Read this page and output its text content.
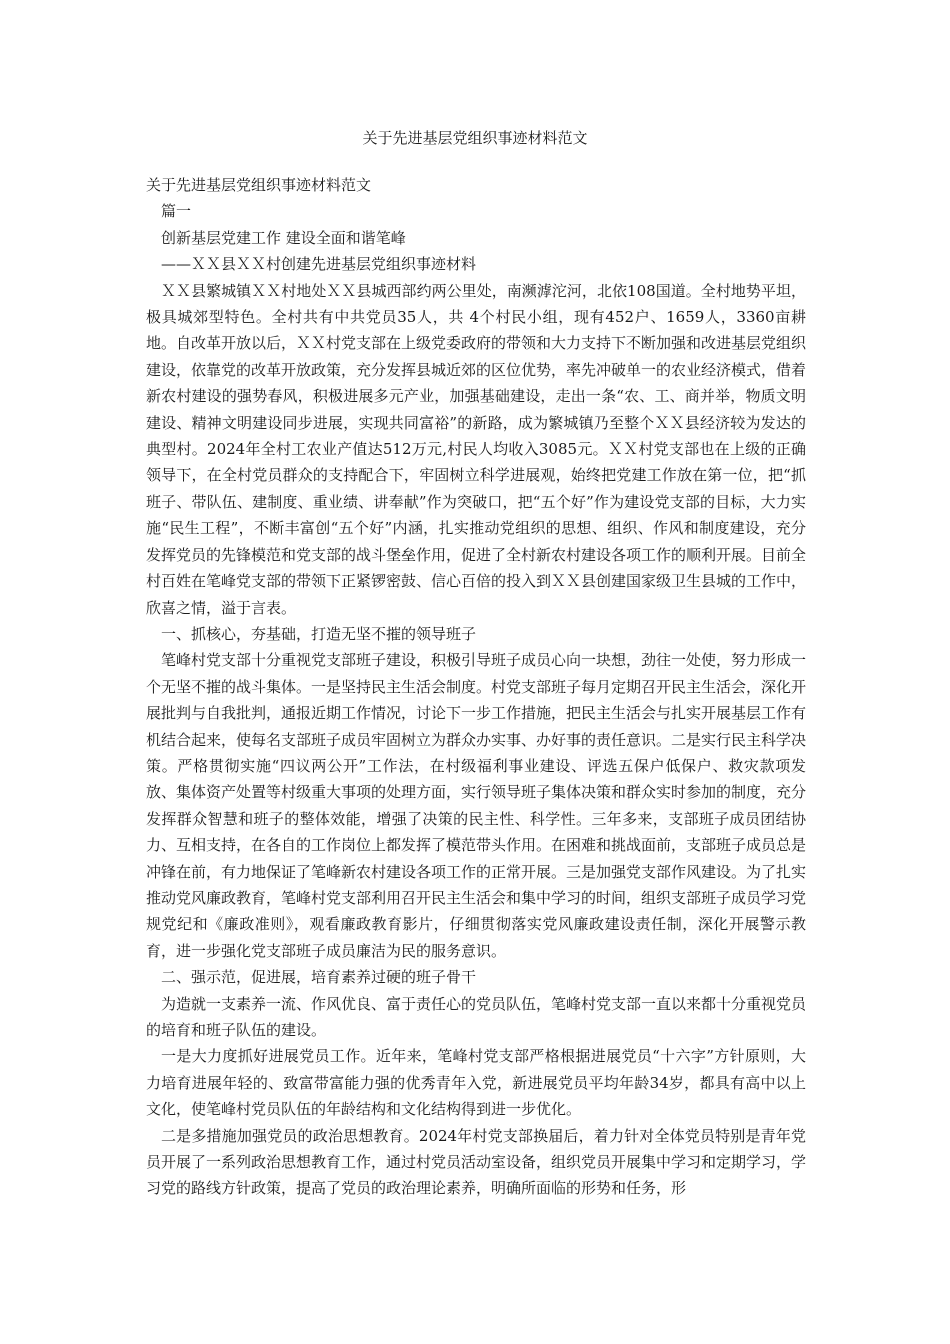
关于先进基层党组织事迹材料范文

关于先进基层党组织事迹材料范文

篇一

创新基层党建工作 建设全面和谐笔峰

——ＸＸ县ＸＸ村创建先进基层党组织事迹材料

ＸＸ县繁城镇ＸＸ村地处ＸＸ县城西部约两公里处，南濒滹沱河，北依108国道。全村地势平坦，极具城郊型特色。全村共有中共党员35人，共 4个村民小组，现有452户、1659人，3360亩耕地。自改革开放以后，ＸＸ村党支部在上级党委政府的带领和大力支持下不断加强和改进基层党组织建设，依靠党的改革开放政策，充分发挥县城近郊的区位优势，率先冲破单一的农业经济模式，借着新农村建设的强势春风，积极进展多元产业，加强基础建设，走出一条“农、工、商并举，物质文明建设、精神文明建设同步进展，实现共同富裕”的新路，成为繁城镇乃至整个ＸＸ县经济较为发达的典型村。2024年全村工农业产值达512万元,村民人均收入3085元。ＸＸ村党支部也在上级的正确领导下，在全村党员群众的支持配合下，牢固树立科学进展观，始终把党建工作放在第一位，把“抓班子、带队伍、建制度、重业绩、讲奉献”作为突破口，把“五个好”作为建设党支部的目标，大力实施“民生工程”，不断丰富创“五个好”内涵，扎实推动党组织的思想、组织、作风和制度建设，充分发挥党员的先锋模范和党支部的战斗堡垒作用，促进了全村新农村建设各项工作的顺利开展。目前全村百姓在笔峰党支部的带领下正紧锣密鼓、信心百倍的投入到ＸＸ县创建国家级卫生县城的工作中，欣喜之情，溢于言表。

一、抓核心，夯基础，打造无坚不摧的领导班子

笔峰村党支部十分重视党支部班子建设，积极引导班子成员心向一块想，劲往一处使，努力形成一个无坚不摧的战斗集体。一是坚持民主生活会制度。村党支部班子每月定期召开民主生活会，深化开展批判与自我批判，通报近期工作情况，讨论下一步工作措施，把民主生活会与扎实开展基层工作有机结合起来，使每名支部班子成员牢固树立为群众办实事、办好事的责任意识。二是实行民主科学决策。严格贯彻实施“四议两公开”工作法，在村级福利事业建设、评选五保户低保户、救灾款项发放、集体资产处置等村级重大事项的处理方面，实行领导班子集体决策和群众实时参加的制度，充分发挥群众智慧和班子的整体效能，增强了决策的民主性、科学性。三年多来，支部班子成员团结协力、互相支持，在各自的工作岗位上都发挥了模范带头作用。在困难和挑战面前，支部班子成员总是冲锋在前，有力地保证了笔峰新农村建设各项工作的正常开展。三是加强党支部作风建设。为了扎实推动党风廉政教育，笔峰村党支部利用召开民主生活会和集中学习的时间，组织支部班子成员学习党规党纪和《廉政准则》，观看廉政教育影片，仔细贯彻落实党风廉政建设责任制，深化开展警示教育，进一步强化党支部班子成员廉洁为民的服务意识。

二、强示范，促进展，培育素养过硬的班子骨干

为造就一支素养一流、作风优良、富于责任心的党员队伍，笔峰村党支部一直以来都十分重视党员的培育和班子队伍的建设。

一是大力度抓好进展党员工作。近年来，笔峰村党支部严格根据进展党员“十六字”方针原则，大力培育进展年轻的、致富带富能力强的优秀青年入党，新进展党员平均年龄34岁，都具有高中以上文化，使笔峰村党员队伍的年龄结构和文化结构得到进一步优化。

二是多措施加强党员的政治思想教育。2024年村党支部换届后，着力针对全体党员特别是青年党员开展了一系列政治思想教育工作，通过村党员活动室设备，组织党员开展集中学习和定期学习，学习党的路线方针政策，提高了党员的政治理论素养，明确所面临的形势和任务，形
